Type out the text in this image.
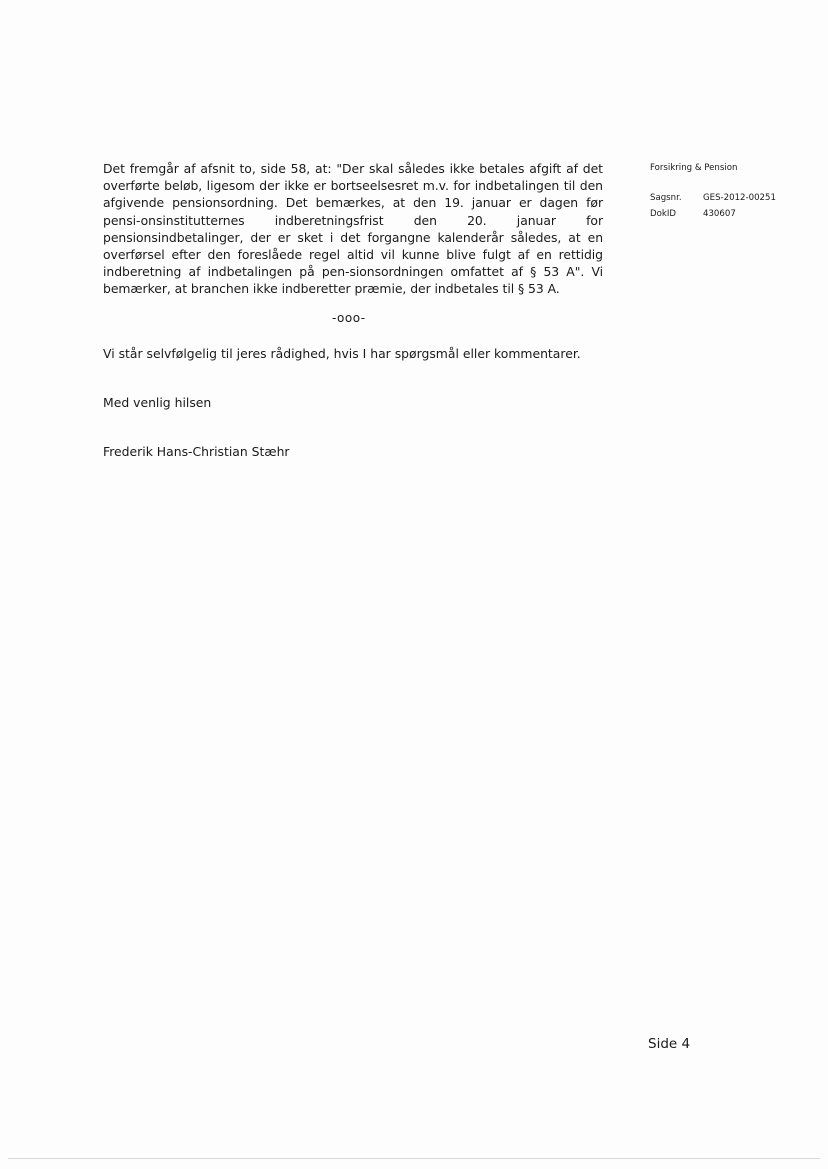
Det fremgår af afsnit to, side 58, at: "Der skal således ikke betales afgift af det overførte beløb, ligesom der ikke er bortseelsesret m.v. for indbetalingen til den afgivende pensionsordning. Det bemærkes, at den 19. januar er dagen før pensi-onsinstitutternes indberetningsfrist den 20. januar for pensionsindbetalinger, der er sket i det forgangne kalenderår således, at en overførsel efter den foreslåede regel altid vil kunne blive fulgt af en rettidig indberetning af indbetalingen på pen-sionsordningen omfattet af § 53 A". Vi bemærker, at branchen ikke indberetter præmie, der indbetales til § 53 A.

-ooo-
Vi står selvfølgelig til jeres rådighed, hvis I har spørgsmål eller kommentarer.
Med venlig hilsen
Frederik Hans-Christian Stæhr
Forsikring & Pension
Sagsnr.	GES-2012-00251
DokID	430607
Side 4
